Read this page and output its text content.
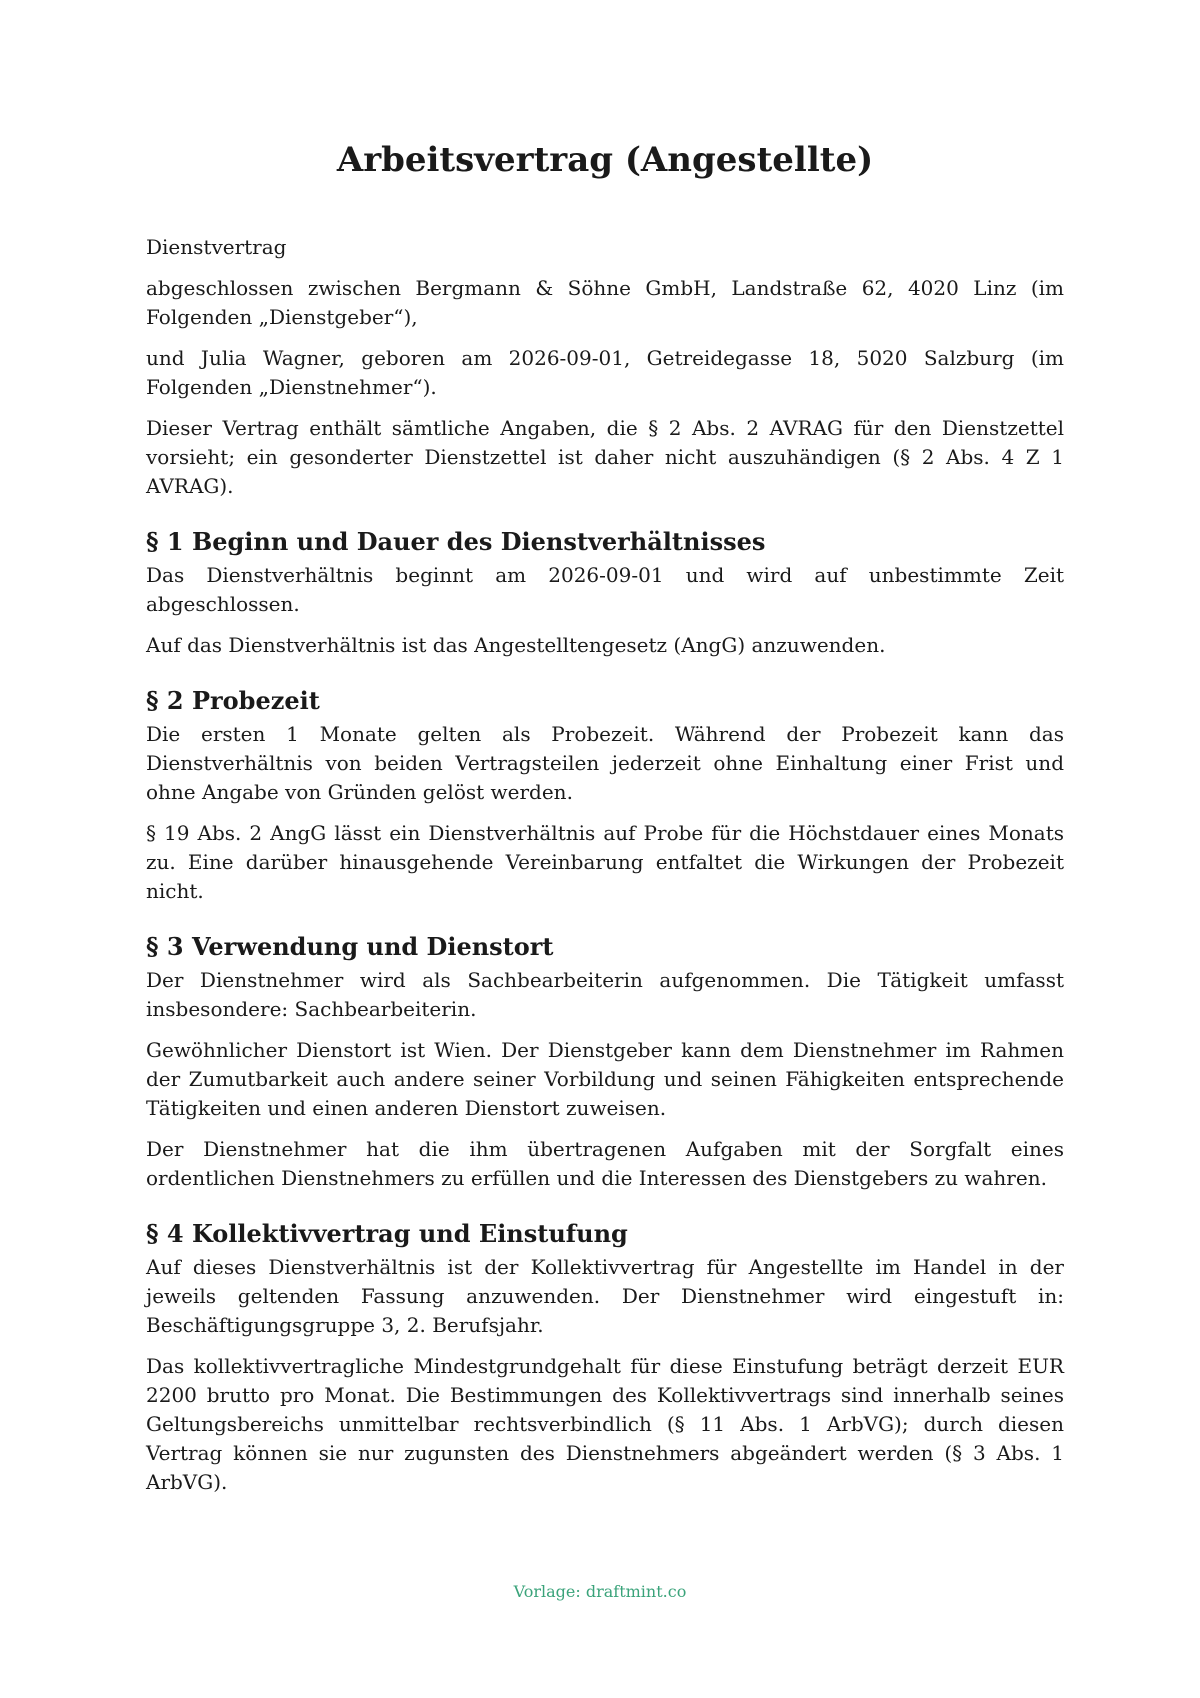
Arbeitsvertrag (Angestellte)

Dienstvertrag

abgeschlossen zwischen Bergmann & Söhne GmbH, Landstraße 62, 4020 Linz (im Folgenden „Dienstgeber“),

und Julia Wagner, geboren am 2026-09-01, Getreidegasse 18, 5020 Salzburg (im Folgenden „Dienstnehmer“).

Dieser Vertrag enthält sämtliche Angaben, die § 2 Abs. 2 AVRAG für den Dienstzettel vorsieht; ein gesonderter Dienstzettel ist daher nicht auszuhändigen (§ 2 Abs. 4 Z 1 AVRAG).

§ 1 Beginn und Dauer des Dienstverhältnisses

Das Dienstverhältnis beginnt am 2026-09-01 und wird auf unbestimmte Zeit abgeschlossen.

Auf das Dienstverhältnis ist das Angestelltengesetz (AngG) anzuwenden.

§ 2 Probezeit

Die ersten 1 Monate gelten als Probezeit. Während der Probezeit kann das Dienstverhältnis von beiden Vertragsteilen jederzeit ohne Einhaltung einer Frist und ohne Angabe von Gründen gelöst werden.

§ 19 Abs. 2 AngG lässt ein Dienstverhältnis auf Probe für die Höchstdauer eines Monats zu. Eine darüber hinausgehende Vereinbarung entfaltet die Wirkungen der Probezeit nicht.

§ 3 Verwendung und Dienstort

Der Dienstnehmer wird als Sachbearbeiterin aufgenommen. Die Tätigkeit umfasst insbesondere: Sachbearbeiterin.

Gewöhnlicher Dienstort ist Wien. Der Dienstgeber kann dem Dienstnehmer im Rahmen der Zumutbarkeit auch andere seiner Vorbildung und seinen Fähigkeiten entsprechende Tätigkeiten und einen anderen Dienstort zuweisen.

Der Dienstnehmer hat die ihm übertragenen Aufgaben mit der Sorgfalt eines ordentlichen Dienstnehmers zu erfüllen und die Interessen des Dienstgebers zu wahren.

§ 4 Kollektivvertrag und Einstufung

Auf dieses Dienstverhältnis ist der Kollektivvertrag für Angestellte im Handel in der jeweils geltenden Fassung anzuwenden. Der Dienstnehmer wird eingestuft in: Beschäftigungsgruppe 3, 2. Berufsjahr.

Das kollektivvertragliche Mindestgrundgehalt für diese Einstufung beträgt derzeit EUR 2200 brutto pro Monat. Die Bestimmungen des Kollektivvertrags sind innerhalb seines Geltungsbereichs unmittelbar rechtsverbindlich (§ 11 Abs. 1 ArbVG); durch diesen Vertrag können sie nur zugunsten des Dienstnehmers abgeändert werden (§ 3 Abs. 1 ArbVG).

Vorlage: draftmint.co
